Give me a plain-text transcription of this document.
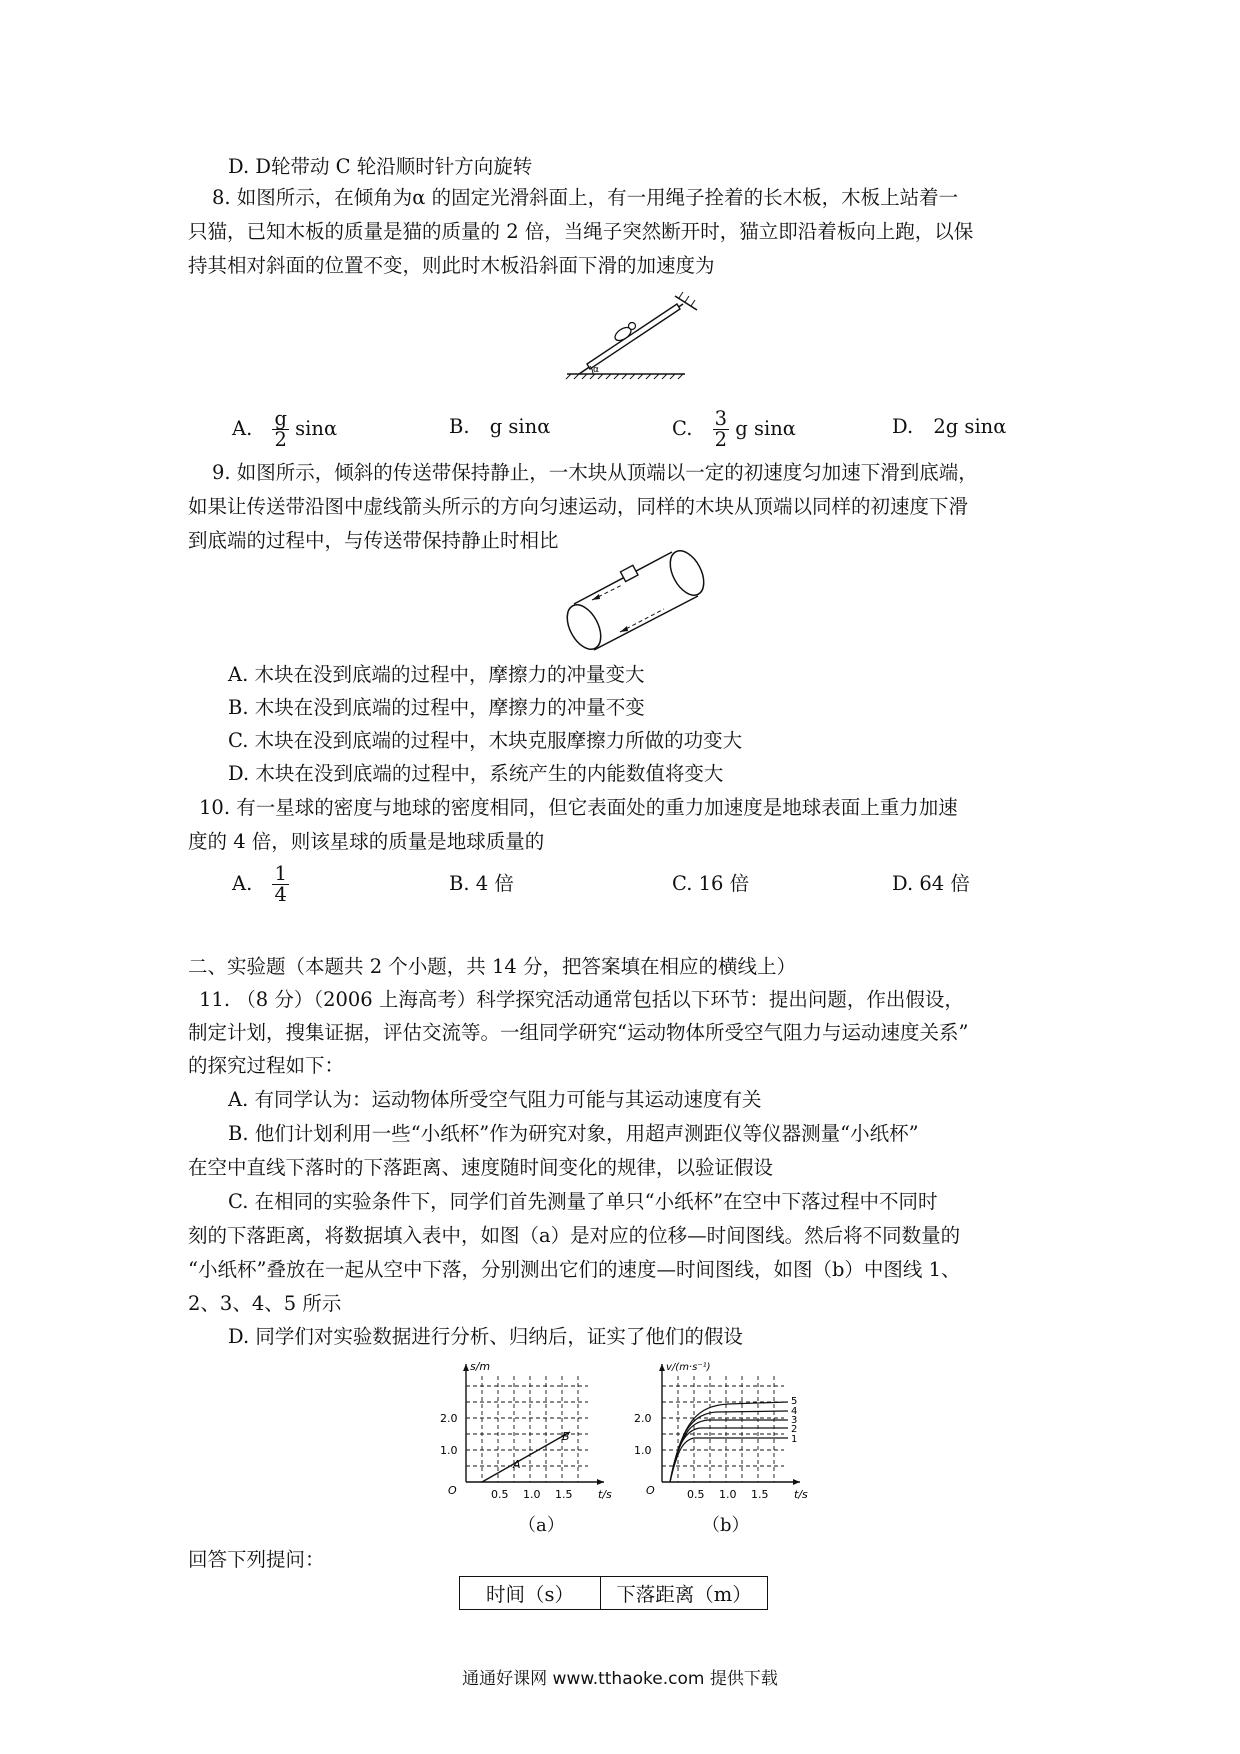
D. D轮带动 C 轮沿顺时针方向旋转
8. 如图所示，在倾角为α 的固定光滑斜面上，有一用绳子拴着的长木板，木板上站着一
只猫，已知木板的质量是猫的质量的 2 倍，当绳子突然断开时，猫立即沿着板向上跑，以保
持其相对斜面的位置不变，则此时木板沿斜面下滑的加速度为
α
A. $\frac{g}{2}$ sinα	B. g sinα	C. $\frac{3}{2}$ g sinα	D. 2g sinα
9. 如图所示，倾斜的传送带保持静止，一木块从顶端以一定的初速度匀加速下滑到底端，
如果让传送带沿图中虚线箭头所示的方向匀速运动，同样的木块从顶端以同样的初速度下滑
到底端的过程中，与传送带保持静止时相比
A. 木块在没到底端的过程中，摩擦力的冲量变大
B. 木块在没到底端的过程中，摩擦力的冲量不变
C. 木块在没到底端的过程中，木块克服摩擦力所做的功变大
D. 木块在没到底端的过程中，系统产生的内能数值将变大
10. 有一星球的密度与地球的密度相同，但它表面处的重力加速度是地球表面上重力加速
度的 4 倍，则该星球的质量是地球质量的
A. $\frac{1}{4}$	B. 4 倍	C. 16 倍	D. 64 倍
二、实验题（本题共 2 个小题，共 14 分，把答案填在相应的横线上）
11. （8 分）（2006 上海高考）科学探究活动通常包括以下环节：提出问题，作出假设，
制定计划，搜集证据，评估交流等。一组同学研究“运动物体所受空气阻力与运动速度关系”
的探究过程如下：
A. 有同学认为：运动物体所受空气阻力可能与其运动速度有关
B. 他们计划利用一些“小纸杯”作为研究对象，用超声测距仪等仪器测量“小纸杯”
在空中直线下落时的下落距离、速度随时间变化的规律，以验证假设
C. 在相同的实验条件下，同学们首先测量了单只“小纸杯”在空中下落过程中不同时
刻的下落距离，将数据填入表中，如图（a）是对应的位移—时间图线。然后将不同数量的
“小纸杯”叠放在一起从空中下落，分别测出它们的速度—时间图线，如图（b）中图线 1、
2、3、4、5 所示
D. 同学们对实验数据进行分析、归纳后，证实了他们的假设
A
B
s/m
t/s
O
1.0
2.0
0.5 1.0 1.5
（a）
1
2
3
4
5
v/(m·s⁻¹)
t/s
O
1.0
2.0
0.5 1.0 1.5
（b）
回答下列提问：
时间（s）	下落距离（m）
通通好课网 www.tthaoke.com 提供下载
